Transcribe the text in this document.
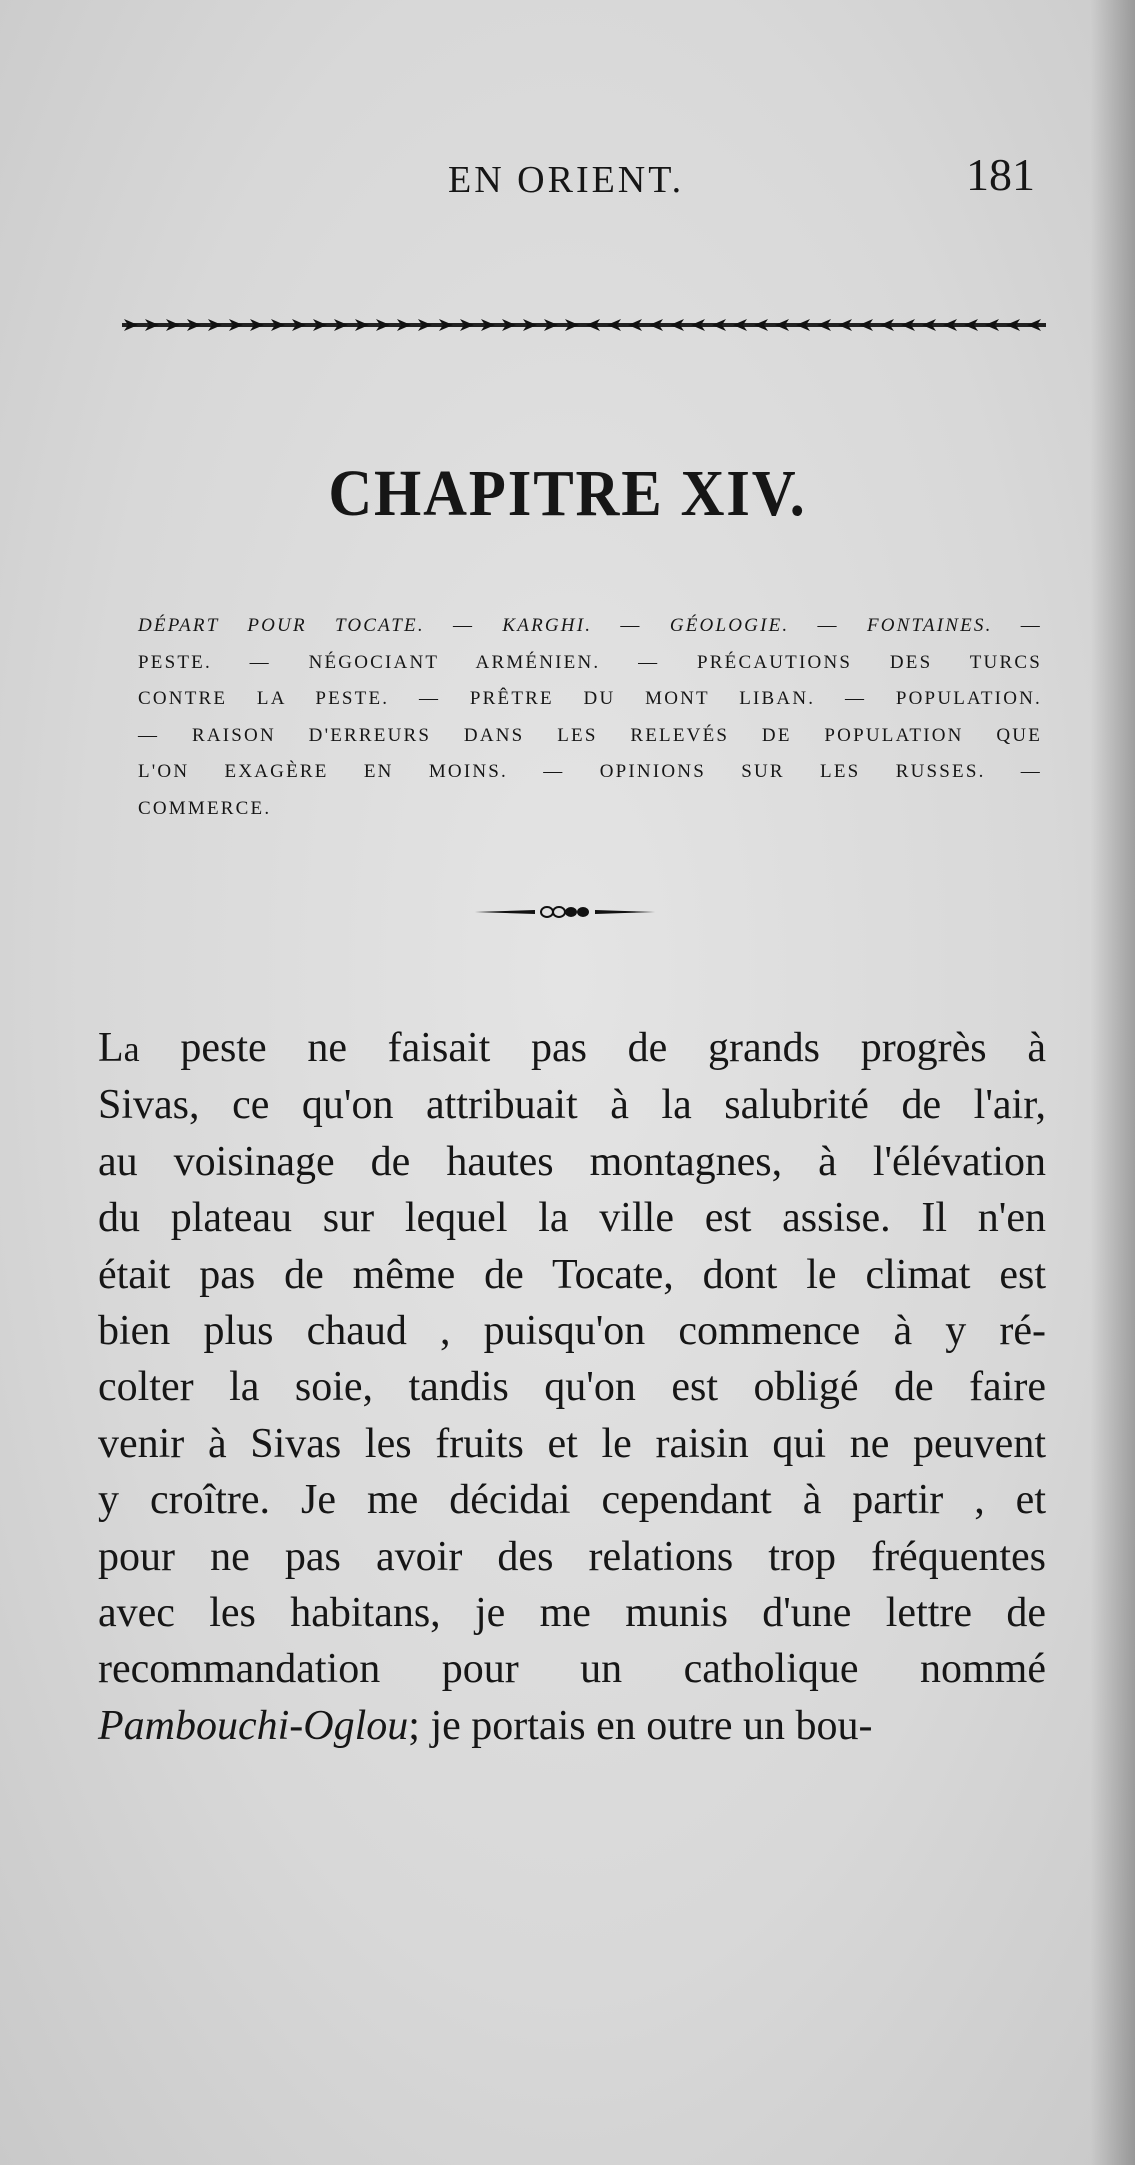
EN ORIENT.	181
CHAPITRE XIV.
DÉPART POUR TOCATE. — KARGHI. — GÉOLOGIE. — FONTAINES. —
PESTE. — NÉGOCIANT ARMÉNIEN. — PRÉCAUTIONS DES TURCS
CONTRE LA PESTE. — PRÊTRE DU MONT LIBAN. — POPULATION.
— RAISON D'ERREURS DANS LES RELEVÉS DE POPULATION QUE
L'ON EXAGÈRE EN MOINS. — OPINIONS SUR LES RUSSES. —
COMMERCE.
La peste ne faisait pas de grands progrès à
Sivas, ce qu'on attribuait à la salubrité de l'air,
au voisinage de hautes montagnes, à l'élévation
du plateau sur lequel la ville est assise. Il n'en
était pas de même de Tocate, dont le climat est
bien plus chaud , puisqu'on commence à y ré-
colter la soie, tandis qu'on est obligé de faire
venir à Sivas les fruits et le raisin qui ne peuvent
y croître. Je me décidai cependant à partir , et
pour ne pas avoir des relations trop fréquentes
avec les habitans, je me munis d'une lettre de
recommandation pour un catholique nommé
Pambouchi-Oglou; je portais en outre un bou-
